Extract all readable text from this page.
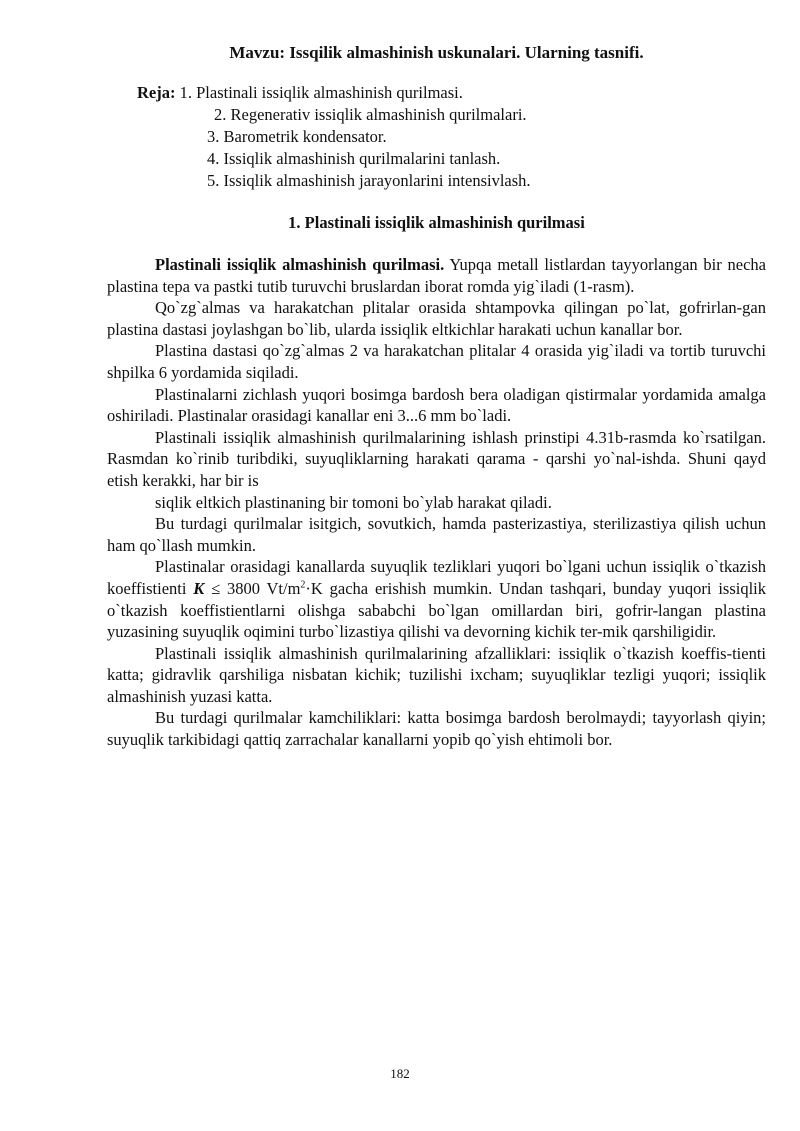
Mavzu: Issqilik almashinish uskunalari. Ularning tasnifi.
Reja: 1. Plastinali issiqlik almashinish qurilmasi.
2. Regenerativ issiqlik almashinish qurilmalari.
3. Barometrik kondensator.
4. Issiqlik almashinish qurilmalarini tanlash.
5. Issiqlik almashinish jarayonlarini intensivlash.
1. Plastinali issiqlik almashinish qurilmasi

Plastinali issiqlik almashinish qurilmasi. Yupqa metall listlardan tayyorlangan bir necha plastina tepa va pastki tutib turuvchi bruslardan iborat romda yig`iladi (1-rasm).

Qo`zg`almas va harakatchan plitalar orasida shtampovka qilingan po`lat, gofrirlan-gan plastina dastasi joylashgan bo`lib, ularda issiqlik eltkichlar harakati uchun kanallar bor.

Plastina dastasi qo`zg`almas 2 va harakatchan plitalar 4 orasida yig`iladi va tortib turuvchi shpilka 6 yordamida siqiladi.

Plastinalarni zichlash yuqori bosimga bardosh bera oladigan qistirmalar yordamida amalga oshiriladi. Plastinalar orasidagi kanallar eni 3...6 mm bo`ladi.

Plastinali issiqlik almashinish qurilmalarining ishlash prinstipi 4.31b-rasmda ko`rsatilgan. Rasmdan ko`rinib turibdiki, suyuqliklarning harakati qarama - qarshi yo`nal-ishda. Shuni qayd etish kerakki, har bir is

siqlik eltkich plastinaning bir tomoni bo`ylab harakat qiladi.

Bu turdagi qurilmalar isitgich, sovutkich, hamda pasterizastiya, sterilizastiya qilish uchun ham qo`llash mumkin.

Plastinalar orasidagi kanallarda suyuqlik tezliklari yuqori bo`lgani uchun issiqlik o`tkazish koeffistienti K ≤ 3800 $Vt/m^2\cdot K$ gacha erishish mumkin. Undan tashqari, bunday yuqori issiqlik o`tkazish koeffistientlarni olishga sababchi bo`lgan omillardan biri, gofrir-langan plastina yuzasining suyuqlik oqimini turbo`lizastiya qilishi va devorning kichik ter-mik qarshiligidir.

Plastinali issiqlik almashinish qurilmalarining afzalliklari: issiqlik o`tkazish koeffis-tienti katta; gidravlik qarshiliga nisbatan kichik; tuzilishi ixcham; suyuqliklar tezligi yuqori; issiqlik almashinish yuzasi katta.

Bu turdagi qurilmalar kamchiliklari: katta bosimga bardosh berolmaydi; tayyorlash qiyin; suyuqlik tarkibidagi qattiq zarrachalar kanallarni yopib qo`yish ehtimoli bor.

182
